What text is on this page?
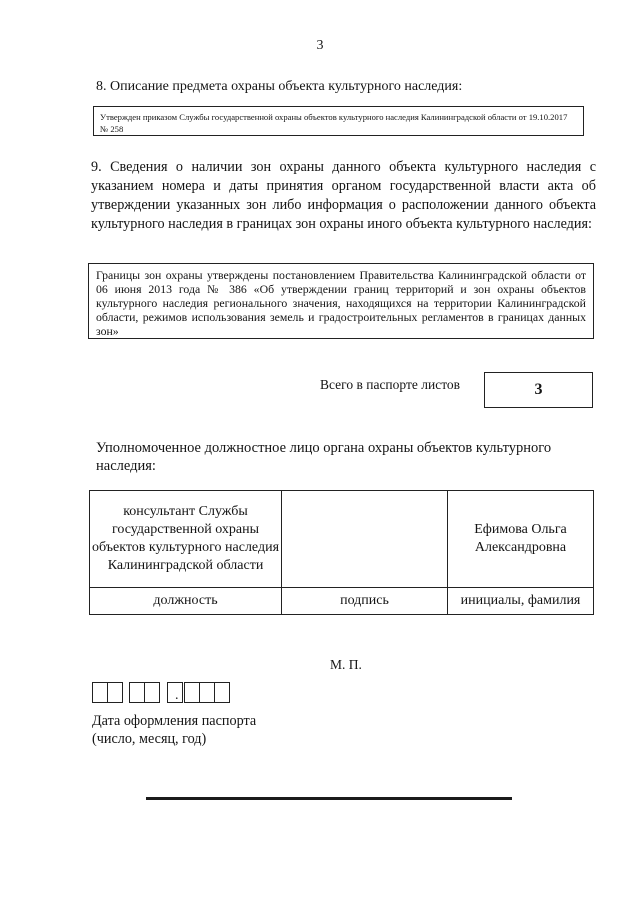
3
8. Описание предмета охраны объекта культурного наследия:
Утвержден приказом Службы государственной охраны объектов культурного наследия Калининградской области от 19.10.2017 № 258
9. Сведения о наличии зон охраны данного объекта культурного наследия с указанием номера и даты принятия органом государственной власти акта об утверждении указанных зон либо информация о расположении данного объекта культурного наследия в границах зон охраны иного объекта культурного наследия:
Границы зон охраны утверждены постановлением Правительства Калининградской области от 06 июня 2013 года № 386 «Об утверждении границ территорий и зон охраны объектов культурного наследия регионального значения, находящихся на территории Калининградской области, режимов использования земель и градостроительных регламентов в границах данных зон»
Всего в паспорте листов	3
Уполномоченное должностное лицо органа охраны объектов культурного наследия:
консультант Службы государственной охраны объектов культурного наследия Калининградской области		Ефимова Ольга Александровна
должность	подпись	инициалы, фамилия
М. П.
.
Дата оформления паспорта
(число, месяц, год)
